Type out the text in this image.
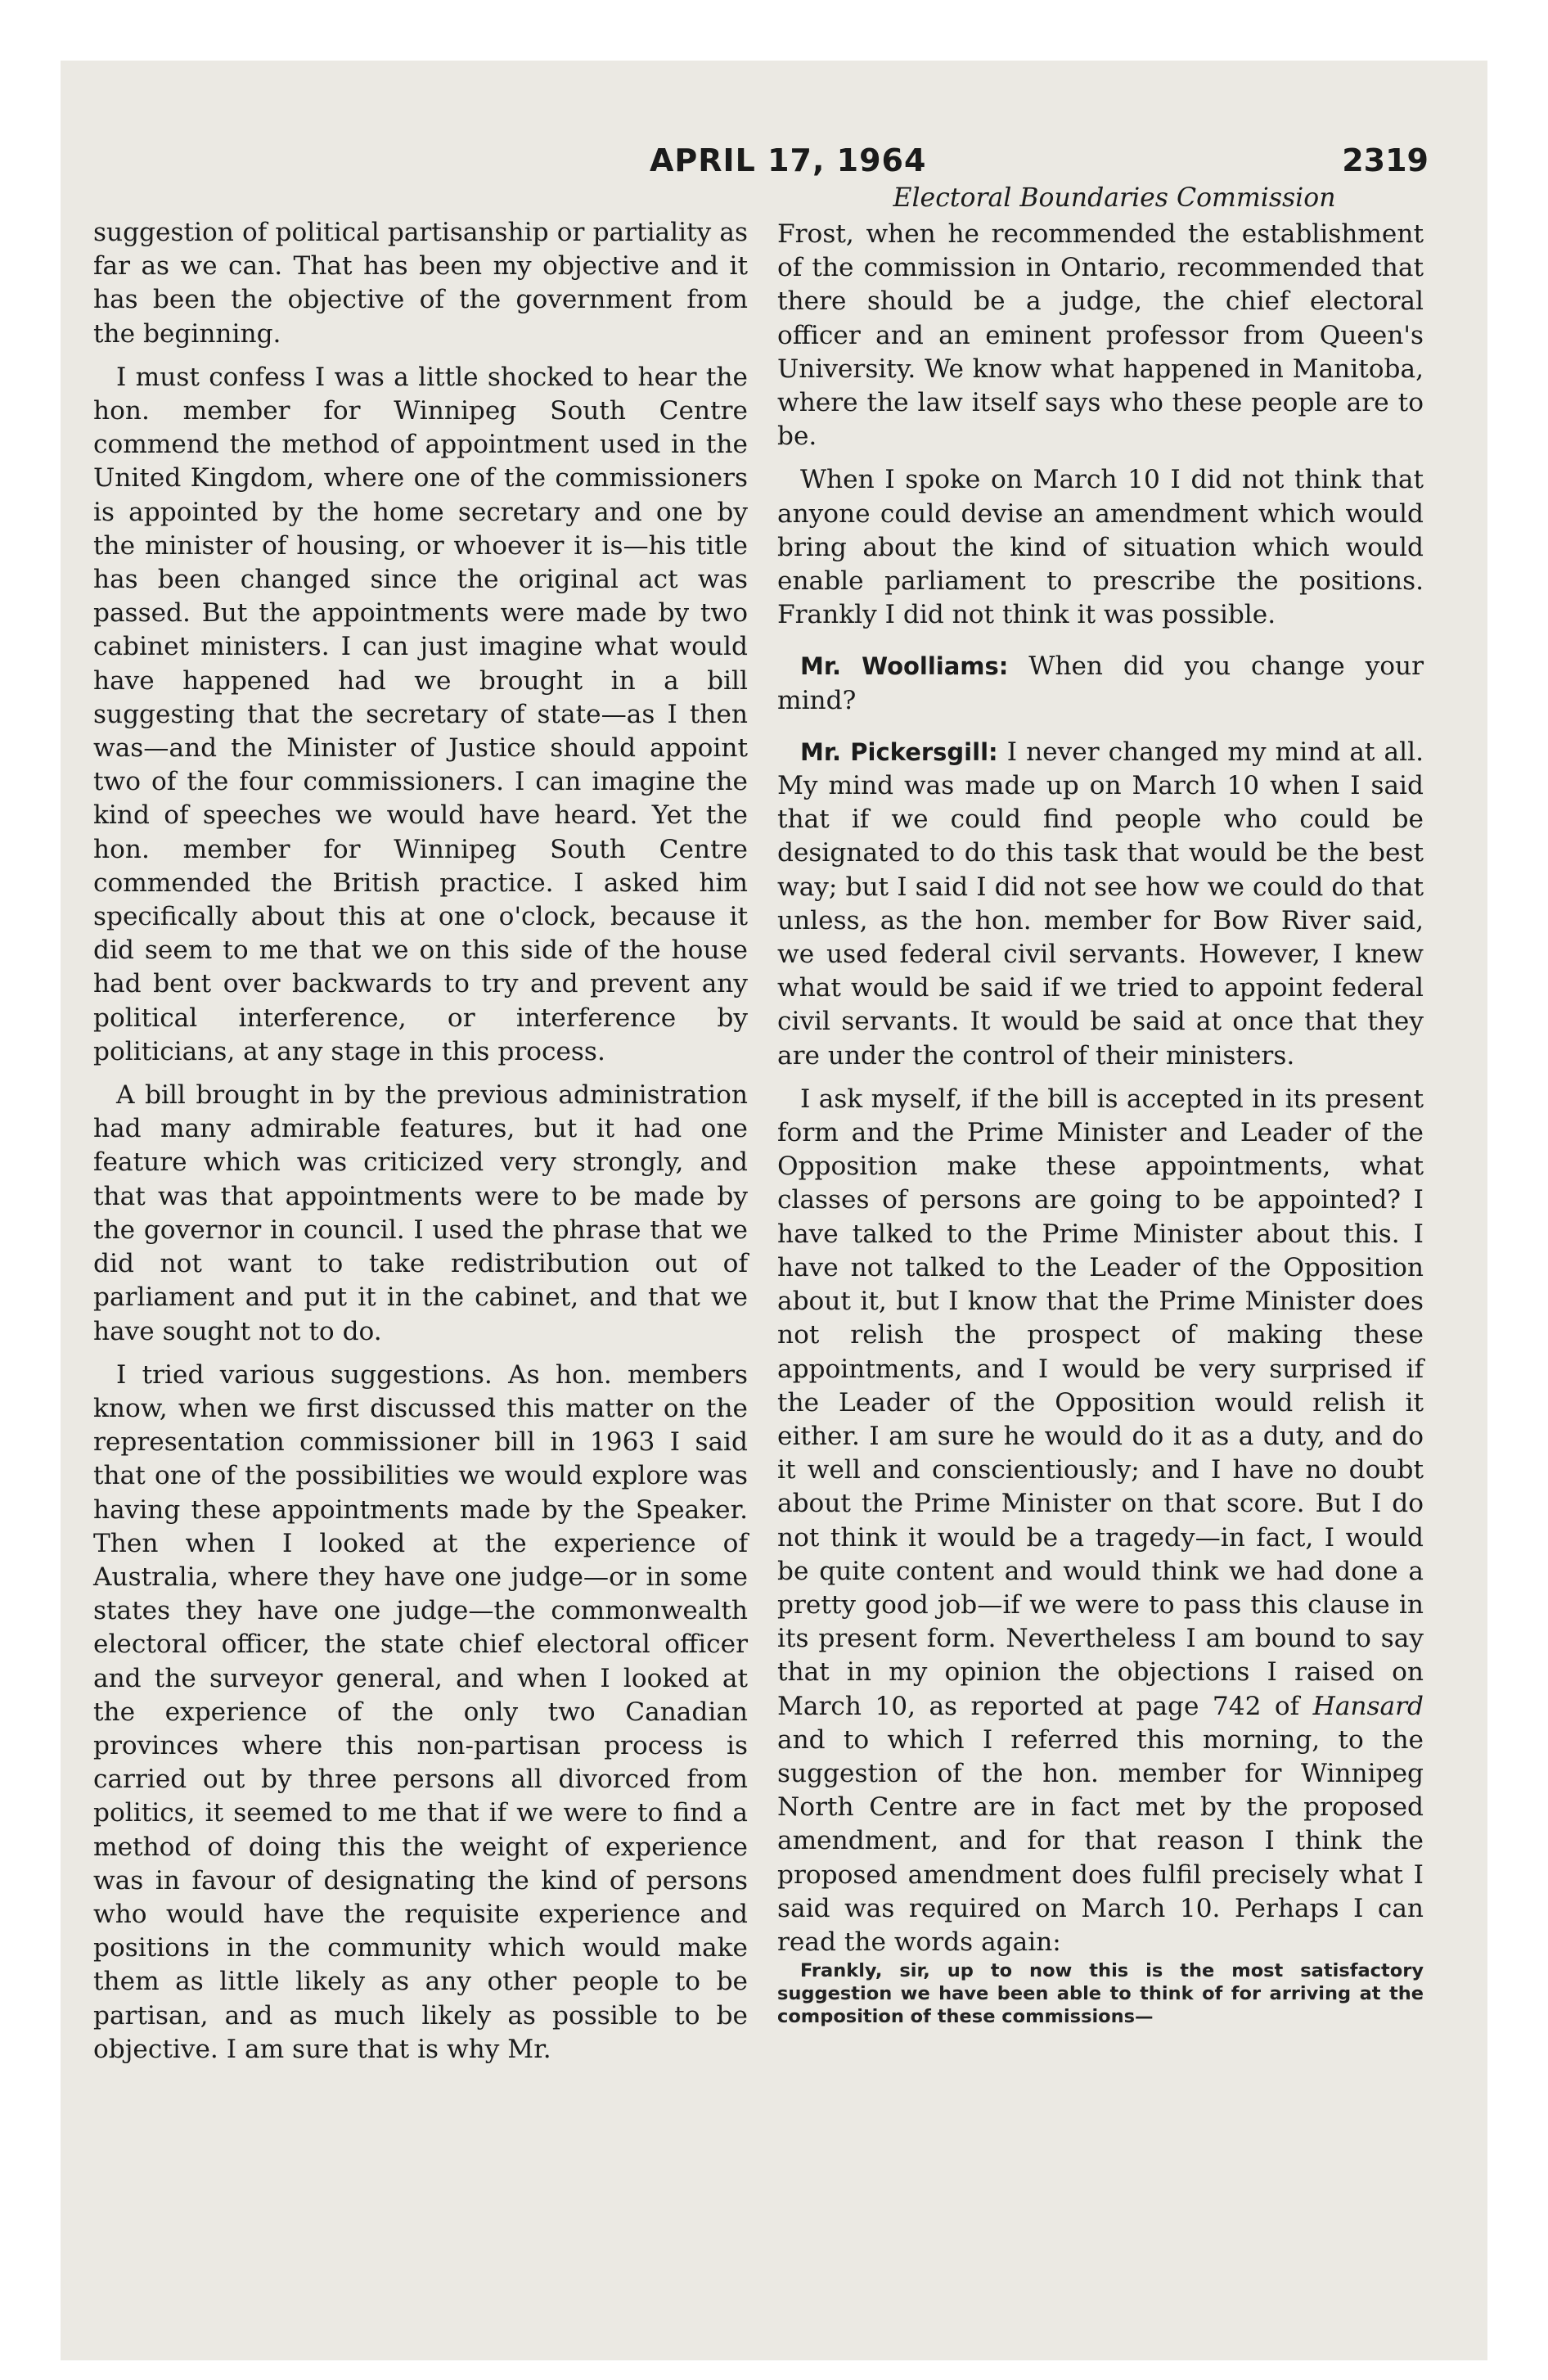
APRIL 17, 1964	2319
Electoral Boundaries Commission

suggestion of political partisanship or partiality as far as we can. That has been my objective and it has been the objective of the government from the beginning.

I must confess I was a little shocked to hear the hon. member for Winnipeg South Centre commend the method of appointment used in the United Kingdom, where one of the commissioners is appointed by the home secretary and one by the minister of housing, or whoever it is—his title has been changed since the original act was passed. But the appointments were made by two cabinet ministers. I can just imagine what would have happened had we brought in a bill suggesting that the secretary of state—as I then was—and the Minister of Justice should appoint two of the four commissioners. I can imagine the kind of speeches we would have heard. Yet the hon. member for Winnipeg South Centre commended the British practice. I asked him specifically about this at one o'clock, because it did seem to me that we on this side of the house had bent over backwards to try and prevent any political interference, or interference by politicians, at any stage in this process.

A bill brought in by the previous administration had many admirable features, but it had one feature which was criticized very strongly, and that was that appointments were to be made by the governor in council. I used the phrase that we did not want to take redistribution out of parliament and put it in the cabinet, and that we have sought not to do.

I tried various suggestions. As hon. members know, when we first discussed this matter on the representation commissioner bill in 1963 I said that one of the possibilities we would explore was having these appointments made by the Speaker. Then when I looked at the experience of Australia, where they have one judge—or in some states they have one judge—the commonwealth electoral officer, the state chief electoral officer and the surveyor general, and when I looked at the experience of the only two Canadian provinces where this non-partisan process is carried out by three persons all divorced from politics, it seemed to me that if we were to find a method of doing this the weight of experience was in favour of designating the kind of persons who would have the requisite experience and positions in the community which would make them as little likely as any other people to be partisan, and as much likely as possible to be objective. I am sure that is why Mr.

Frost, when he recommended the establishment of the commission in Ontario, recommended that there should be a judge, the chief electoral officer and an eminent professor from Queen's University. We know what happened in Manitoba, where the law itself says who these people are to be.

When I spoke on March 10 I did not think that anyone could devise an amendment which would bring about the kind of situation which would enable parliament to prescribe the positions. Frankly I did not think it was possible.

Mr. Woolliams: When did you change your mind?

Mr. Pickersgill: I never changed my mind at all. My mind was made up on March 10 when I said that if we could find people who could be designated to do this task that would be the best way; but I said I did not see how we could do that unless, as the hon. member for Bow River said, we used federal civil servants. However, I knew what would be said if we tried to appoint federal civil servants. It would be said at once that they are under the control of their ministers.

I ask myself, if the bill is accepted in its present form and the Prime Minister and Leader of the Opposition make these appointments, what classes of persons are going to be appointed? I have talked to the Prime Minister about this. I have not talked to the Leader of the Opposition about it, but I know that the Prime Minister does not relish the prospect of making these appointments, and I would be very surprised if the Leader of the Opposition would relish it either. I am sure he would do it as a duty, and do it well and conscientiously; and I have no doubt about the Prime Minister on that score. But I do not think it would be a tragedy—in fact, I would be quite content and would think we had done a pretty good job—if we were to pass this clause in its present form. Nevertheless I am bound to say that in my opinion the objections I raised on March 10, as reported at page 742 of Hansard and to which I referred this morning, to the suggestion of the hon. member for Winnipeg North Centre are in fact met by the proposed amendment, and for that reason I think the proposed amendment does fulfil precisely what I said was required on March 10. Perhaps I can read the words again:

Frankly, sir, up to now this is the most satisfactory suggestion we have been able to think of for arriving at the composition of these commissions—
